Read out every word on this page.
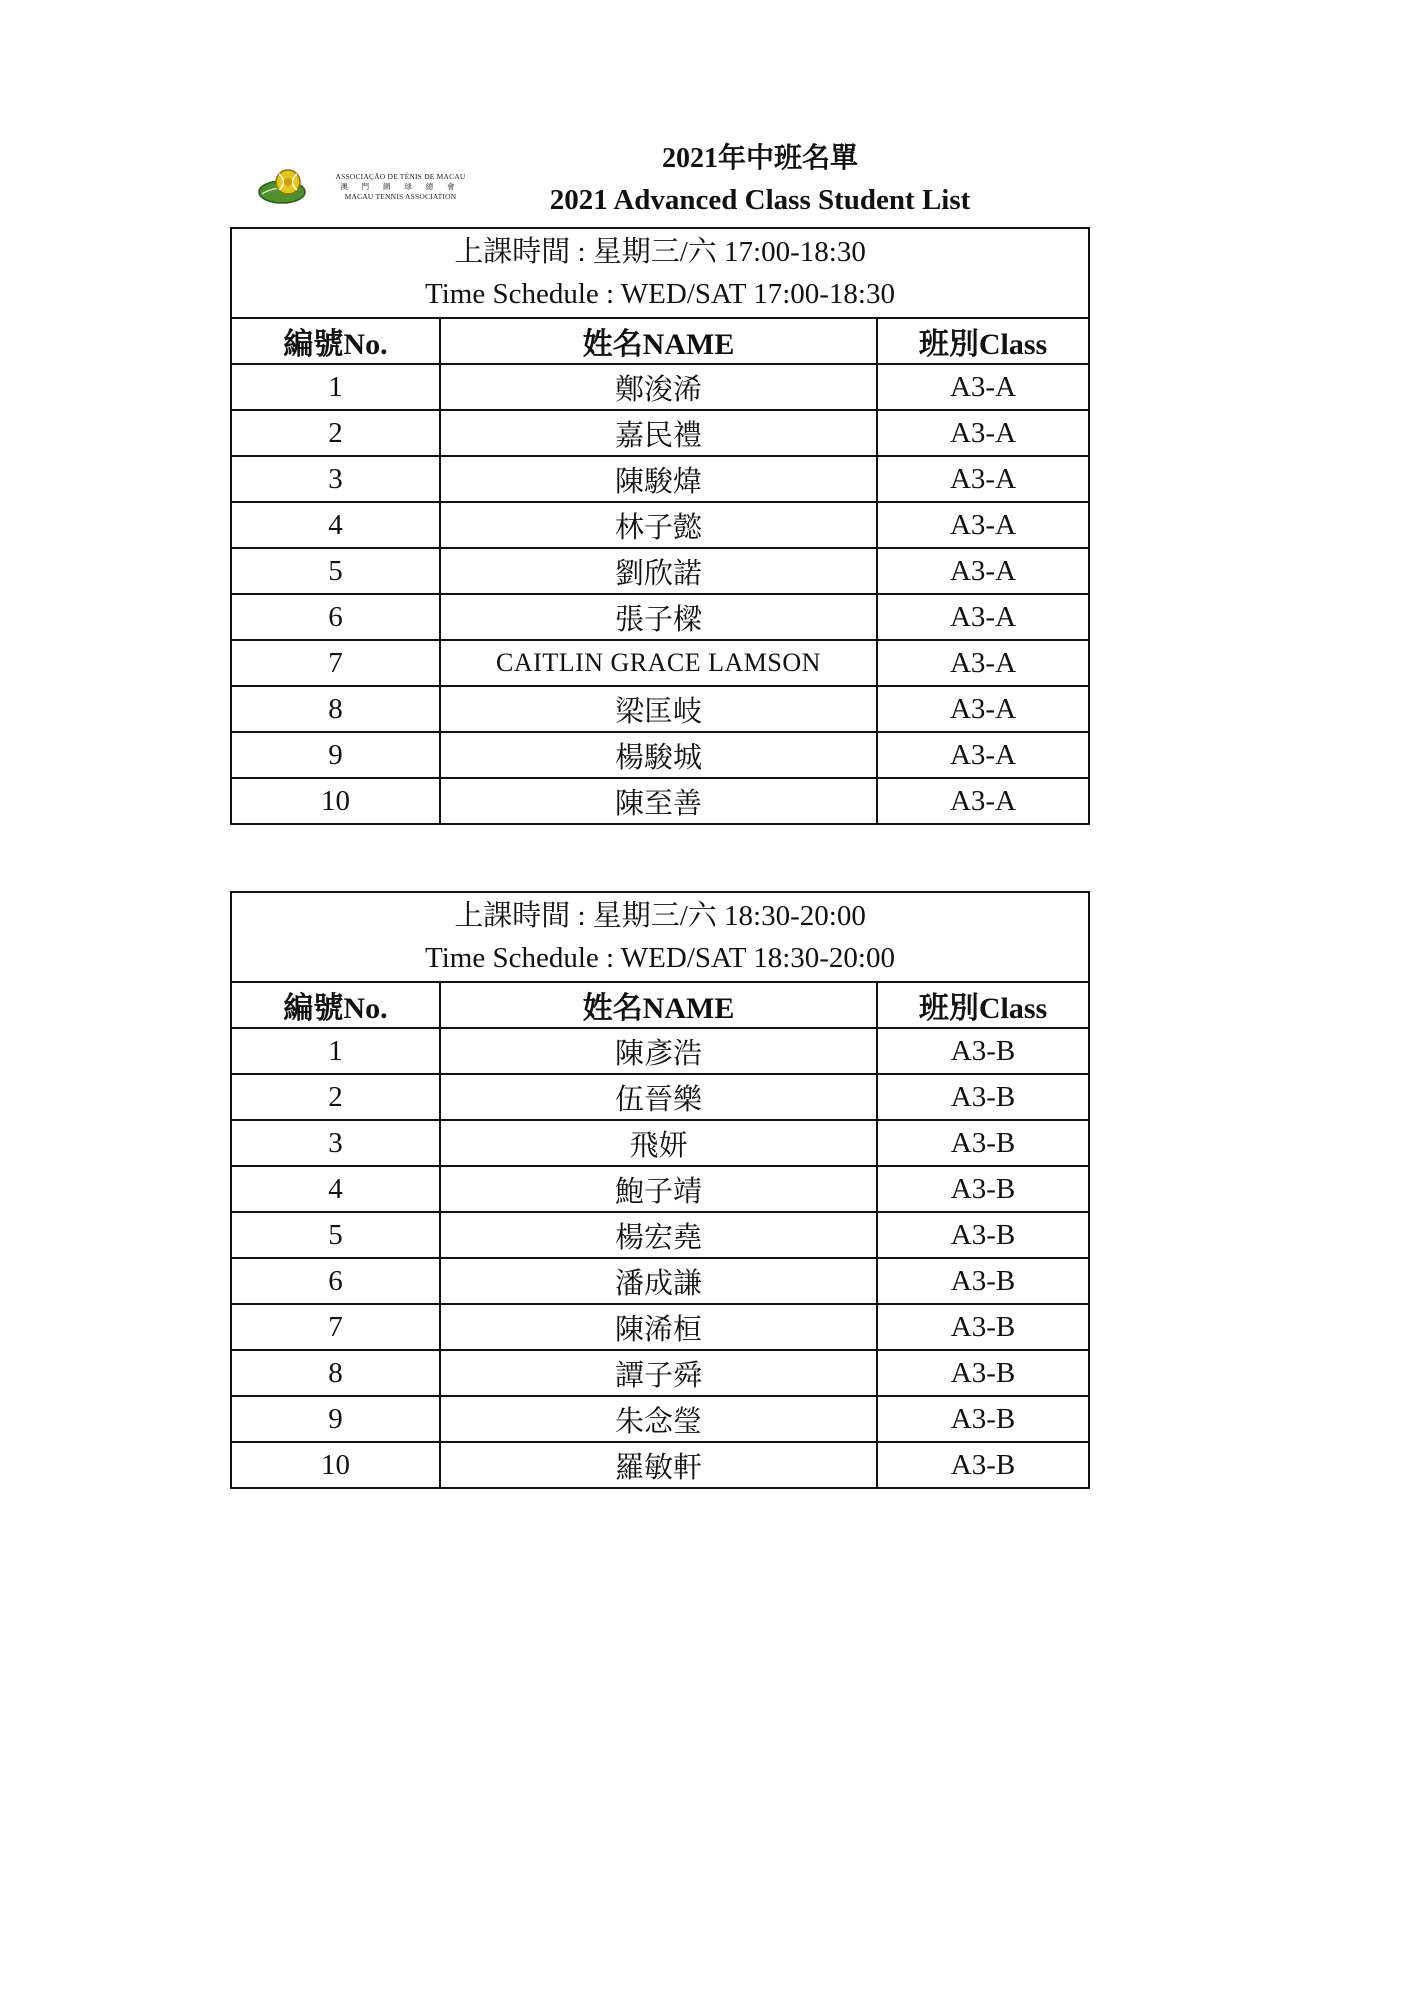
ASSOCIAÇÃO DE TÉNIS DE MACAU
澳 門 網 球 總 會
MACAU TENNIS ASSOCIATION
2021年中班名單
2021 Advanced Class Student List
上課時間 : 星期三/六 17:00-18:30
Time Schedule : WED/SAT 17:00-18:30		

編號No.	姓名NAME	班別Class
1	鄭浚浠	A3-A
2	嘉民禮	A3-A
3	陳駿煒	A3-A
4	林子懿	A3-A
5	劉欣諾	A3-A
6	張子樑	A3-A
7	CAITLIN GRACE LAMSON	A3-A
8	梁匡岐	A3-A
9	楊駿城	A3-A
10	陳至善	A3-A
上課時間 : 星期三/六 18:30-20:00
Time Schedule : WED/SAT 18:30-20:00		

編號No.	姓名NAME	班別Class
1	陳彥浩	A3-B
2	伍晉樂	A3-B
3	飛妍	A3-B
4	鮑子靖	A3-B
5	楊宏堯	A3-B
6	潘成謙	A3-B
7	陳浠桓	A3-B
8	譚子舜	A3-B
9	朱念瑩	A3-B
10	羅敏軒	A3-B
